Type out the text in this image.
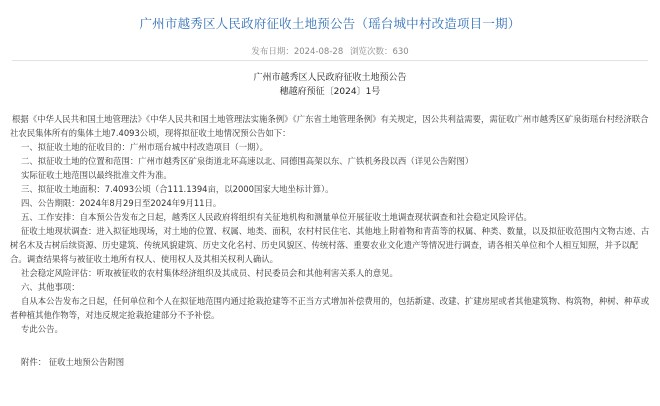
广州市越秀区人民政府征收土地预公告（瑶台城中村改造项目一期）
发布日期：2024-08-28 浏览次数：630
广州市越秀区人民政府征收土地预公告
穗越府预征〔2024〕1号
根据《中华人民共和国土地管理法》《中华人民共和国土地管理法实施条例》《广东省土地管理条例》有关规定，因公共利益需要，需征收广州市越秀区矿泉街瑶台村经济联合社农民集体所有的集体土地7.4093公顷，现将拟征收土地情况预公告如下：
一、拟征收土地的征收目的：广州市瑶台城中村改造项目（一期）。
二、拟征收土地的位置和范围：广州市越秀区矿泉街道北环高速以北、同德围高架以东、广铁机务段以西（详见公告附图）
实际征收土地范围以最终批准文件为准。
三、拟征收土地面积：7.4093公顷（合111.1394亩，以2000国家大地坐标计算）。
四、公告期限：2024年8月29日至2024年9月11日。
五、工作安排：自本预公告发布之日起，越秀区人民政府将组织有关征地机构和测量单位开展征收土地调查现状调查和社会稳定风险评估。
征收土地现状调查：进入拟征地现场，对土地的位置、权属、地类、面积，农村村民住宅、其他地上附着物和青苗等的权属、种类、数量，以及拟征收范围内文物古迹、古树名木及古树后续资源、历史建筑、传统风貌建筑、历史文化名村、历史风貌区、传统村落、重要农业文化遗产等情况进行调查，请各相关单位和个人相互知照，并予以配合。调查结果将与被征收土地所有权人、使用权人及其相关权利人确认。
社会稳定风险评估：听取被征收的农村集体经济组织及其成员、村民委员会和其他利害关系人的意见。
六、其他事项：
自从本公告发布之日起，任何单位和个人在拟征地范围内通过抢栽抢建等不正当方式增加补偿费用的，包括新建、改建、扩建房屋或者其他建筑物、构筑物，种树、种草或者种植其他作物等，对违反规定抢栽抢建部分不予补偿。
专此公告。
附件： 征收土地预公告附图
